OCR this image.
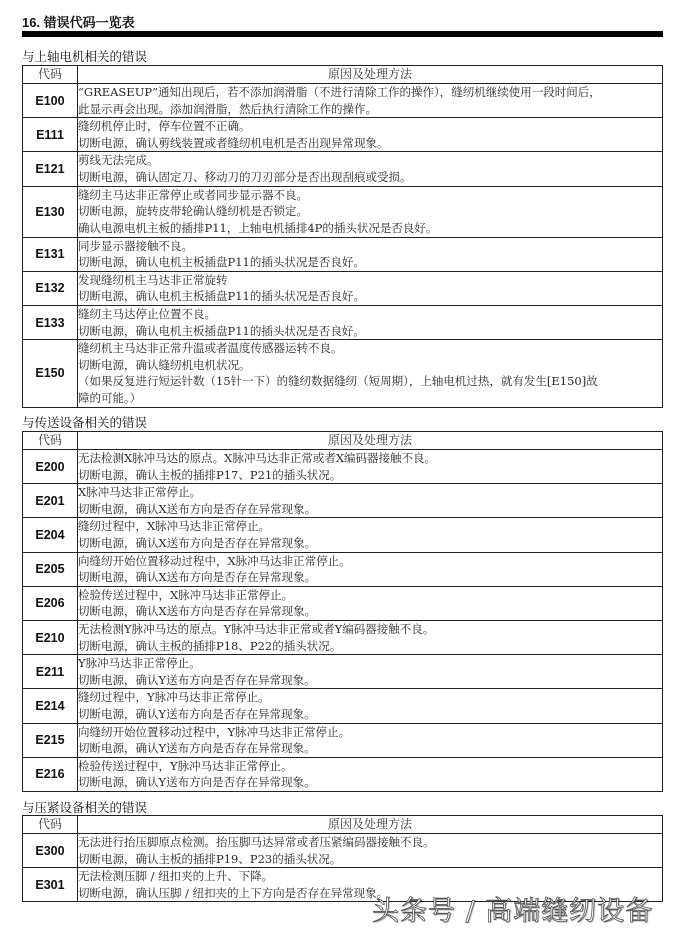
16. 错误代码一览表
与上轴电机相关的错误
代码	原因及处理方法
E100	“GREASEUP”通知出现后，若不添加润滑脂（不进行清除工作的操作），缝纫机继续使用一段时间后，
此显示再会出现。添加润滑脂，然后执行清除工作的操作。

E111	缝纫机停止时，停车位置不正确。
切断电源，确认剪线装置或者缝纫机电机是否出现异常现象。

E121	剪线无法完成。
切断电源，确认固定刀、移动刀的刀刃部分是否出现刮痕或受损。

E130	缝纫主马达非正常停止或者同步显示器不良。
切断电源，旋转皮带轮确认缝纫机是否锁定。
确认电源电机主板的插排P11，上轴电机插排4P的插头状况是否良好。

E131	同步显示器接触不良。
切断电源，确认电机主板插盘P11的插头状况是否良好。

E132	发现缝纫机主马达非正常旋转
切断电源，确认电机主板插盘P11的插头状况是否良好。

E133	缝纫主马达停止位置不良。
切断电源，确认电机主板插盘P11的插头状况是否良好。

E150	缝纫机主马达非正常升温或者温度传感器运转不良。
切断电源，确认缝纫机电机状况。
（如果反复进行短运针数（15针一下）的缝纫数据缝纫（短周期），上轴电机过热，就有发生[E150]故
障的可能。）
与传送设备相关的错误
代码	原因及处理方法
E200	无法检测X脉冲马达的原点。X脉冲马达非正常或者X编码器接触不良。
切断电源，确认主板的插排P17、P21的插头状况。

E201	X脉冲马达非正常停止。
切断电源，确认X送布方向是否存在异常现象。

E204	缝纫过程中，X脉冲马达非正常停止。
切断电源，确认X送布方向是否存在异常现象。

E205	向缝纫开始位置移动过程中，X脉冲马达非正常停止。
切断电源，确认X送布方向是否存在异常现象。

E206	检验传送过程中，X脉冲马达非正常停止。
切断电源，确认X送布方向是否存在异常现象。

E210	无法检测Y脉冲马达的原点。Y脉冲马达非正常或者Y编码器接触不良。
切断电源，确认主板的插排P18、P22的插头状况。

E211	Y脉冲马达非正常停止。
切断电源，确认Y送布方向是否存在异常现象。

E214	缝纫过程中，Y脉冲马达非正常停止。
切断电源，确认Y送布方向是否存在异常现象。

E215	向缝纫开始位置移动过程中，Y脉冲马达非正常停止。
切断电源，确认Y送布方向是否存在异常现象。

E216	检验传送过程中，Y脉冲马达非正常停止。
切断电源，确认Y送布方向是否存在异常现象。
与压紧设备相关的错误
代码	原因及处理方法
E300	无法进行抬压脚原点检测。抬压脚马达异常或者压紧编码器接触不良。
切断电源，确认主板的插排P19、P23的插头状况。

E301	无法检测压脚 / 纽扣夹的上升、下降。
切断电源，确认压脚 / 纽扣夹的上下方向是否存在异常现象。
头条号 / 高端缝纫设备
